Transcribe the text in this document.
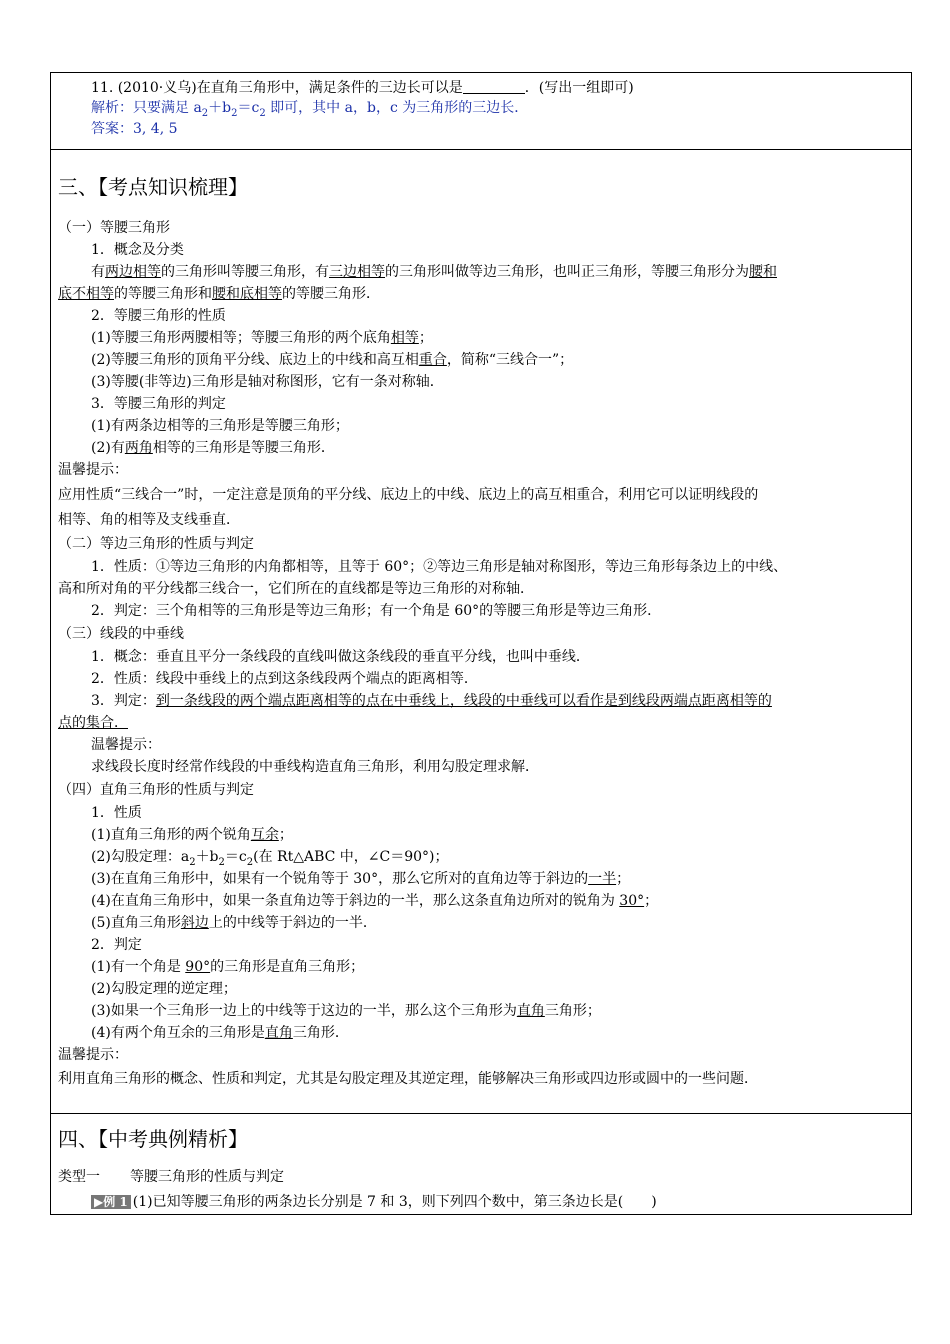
11. (2010·义乌)在直角三角形中，满足条件的三边长可以是	．(写出一组即可)
解析：只要满足 $a_2+b_2=c_2$ 即可，其中 a，b，c 为三角形的三边长．
答案：3, 4, 5
三、【考点知识梳理】
（一）等腰三角形
1．概念及分类
有两边相等的三角形叫等腰三角形，有三边相等的三角形叫做等边三角形，也叫正三角形，等腰三角形分为腰和
底不相等的等腰三角形和腰和底相等的等腰三角形．
2．等腰三角形的性质
(1)等腰三角形两腰相等；等腰三角形的两个底角相等；
(2)等腰三角形的顶角平分线、底边上的中线和高互相重合，简称“三线合一”；
(3)等腰(非等边)三角形是轴对称图形，它有一条对称轴．
3．等腰三角形的判定
(1)有两条边相等的三角形是等腰三角形；
(2)有两角相等的三角形是等腰三角形．
温馨提示：
应用性质“三线合一”时，一定注意是顶角的平分线、底边上的中线、底边上的高互相重合，利用它可以证明线段的
相等、角的相等及支线垂直．
（二）等边三角形的性质与判定
1．性质：①等边三角形的内角都相等，且等于 60°；②等边三角形是轴对称图形，等边三角形每条边上的中线、
高和所对角的平分线都三线合一，它们所在的直线都是等边三角形的对称轴．
2．判定：三个角相等的三角形是等边三角形；有一个角是 60°的等腰三角形是等边三角形．
（三）线段的中垂线
1．概念：垂直且平分一条线段的直线叫做这条线段的垂直平分线，也叫中垂线．
2．性质：线段中垂线上的点到这条线段两个端点的距离相等．
3．判定：到一条线段的两个端点距离相等的点在中垂线上，线段的中垂线可以看作是到线段两端点距离相等的
点的集合．
温馨提示：
求线段长度时经常作线段的中垂线构造直角三角形，利用勾股定理求解．
（四）直角三角形的性质与判定
1．性质
(1)直角三角形的两个锐角互余；
(2)勾股定理：$a_2+b_2=c_2$(在 Rt△ABC 中，∠C＝90°)；
(3)在直角三角形中，如果有一个锐角等于 30°，那么它所对的直角边等于斜边的一半；
(4)在直角三角形中，如果一条直角边等于斜边的一半，那么这条直角边所对的锐角为 30°；
(5)直角三角形斜边上的中线等于斜边的一半．
2．判定
(1)有一个角是 90°的三角形是直角三角形；
(2)勾股定理的逆定理；
(3)如果一个三角形一边上的中线等于这边的一半，那么这个三角形为直角三角形；
(4)有两个角互余的三角形是直角三角形．
温馨提示：
利用直角三角形的概念、性质和判定，尤其是勾股定理及其逆定理，能够解决三角形或四边形或圆中的一些问题．
四、【中考典例精析】
类型一 等腰三角形的性质与判定
▶例 1 (1)已知等腰三角形的两条边长分别是 7 和 3，则下列四个数中，第三条边长是(　　)
